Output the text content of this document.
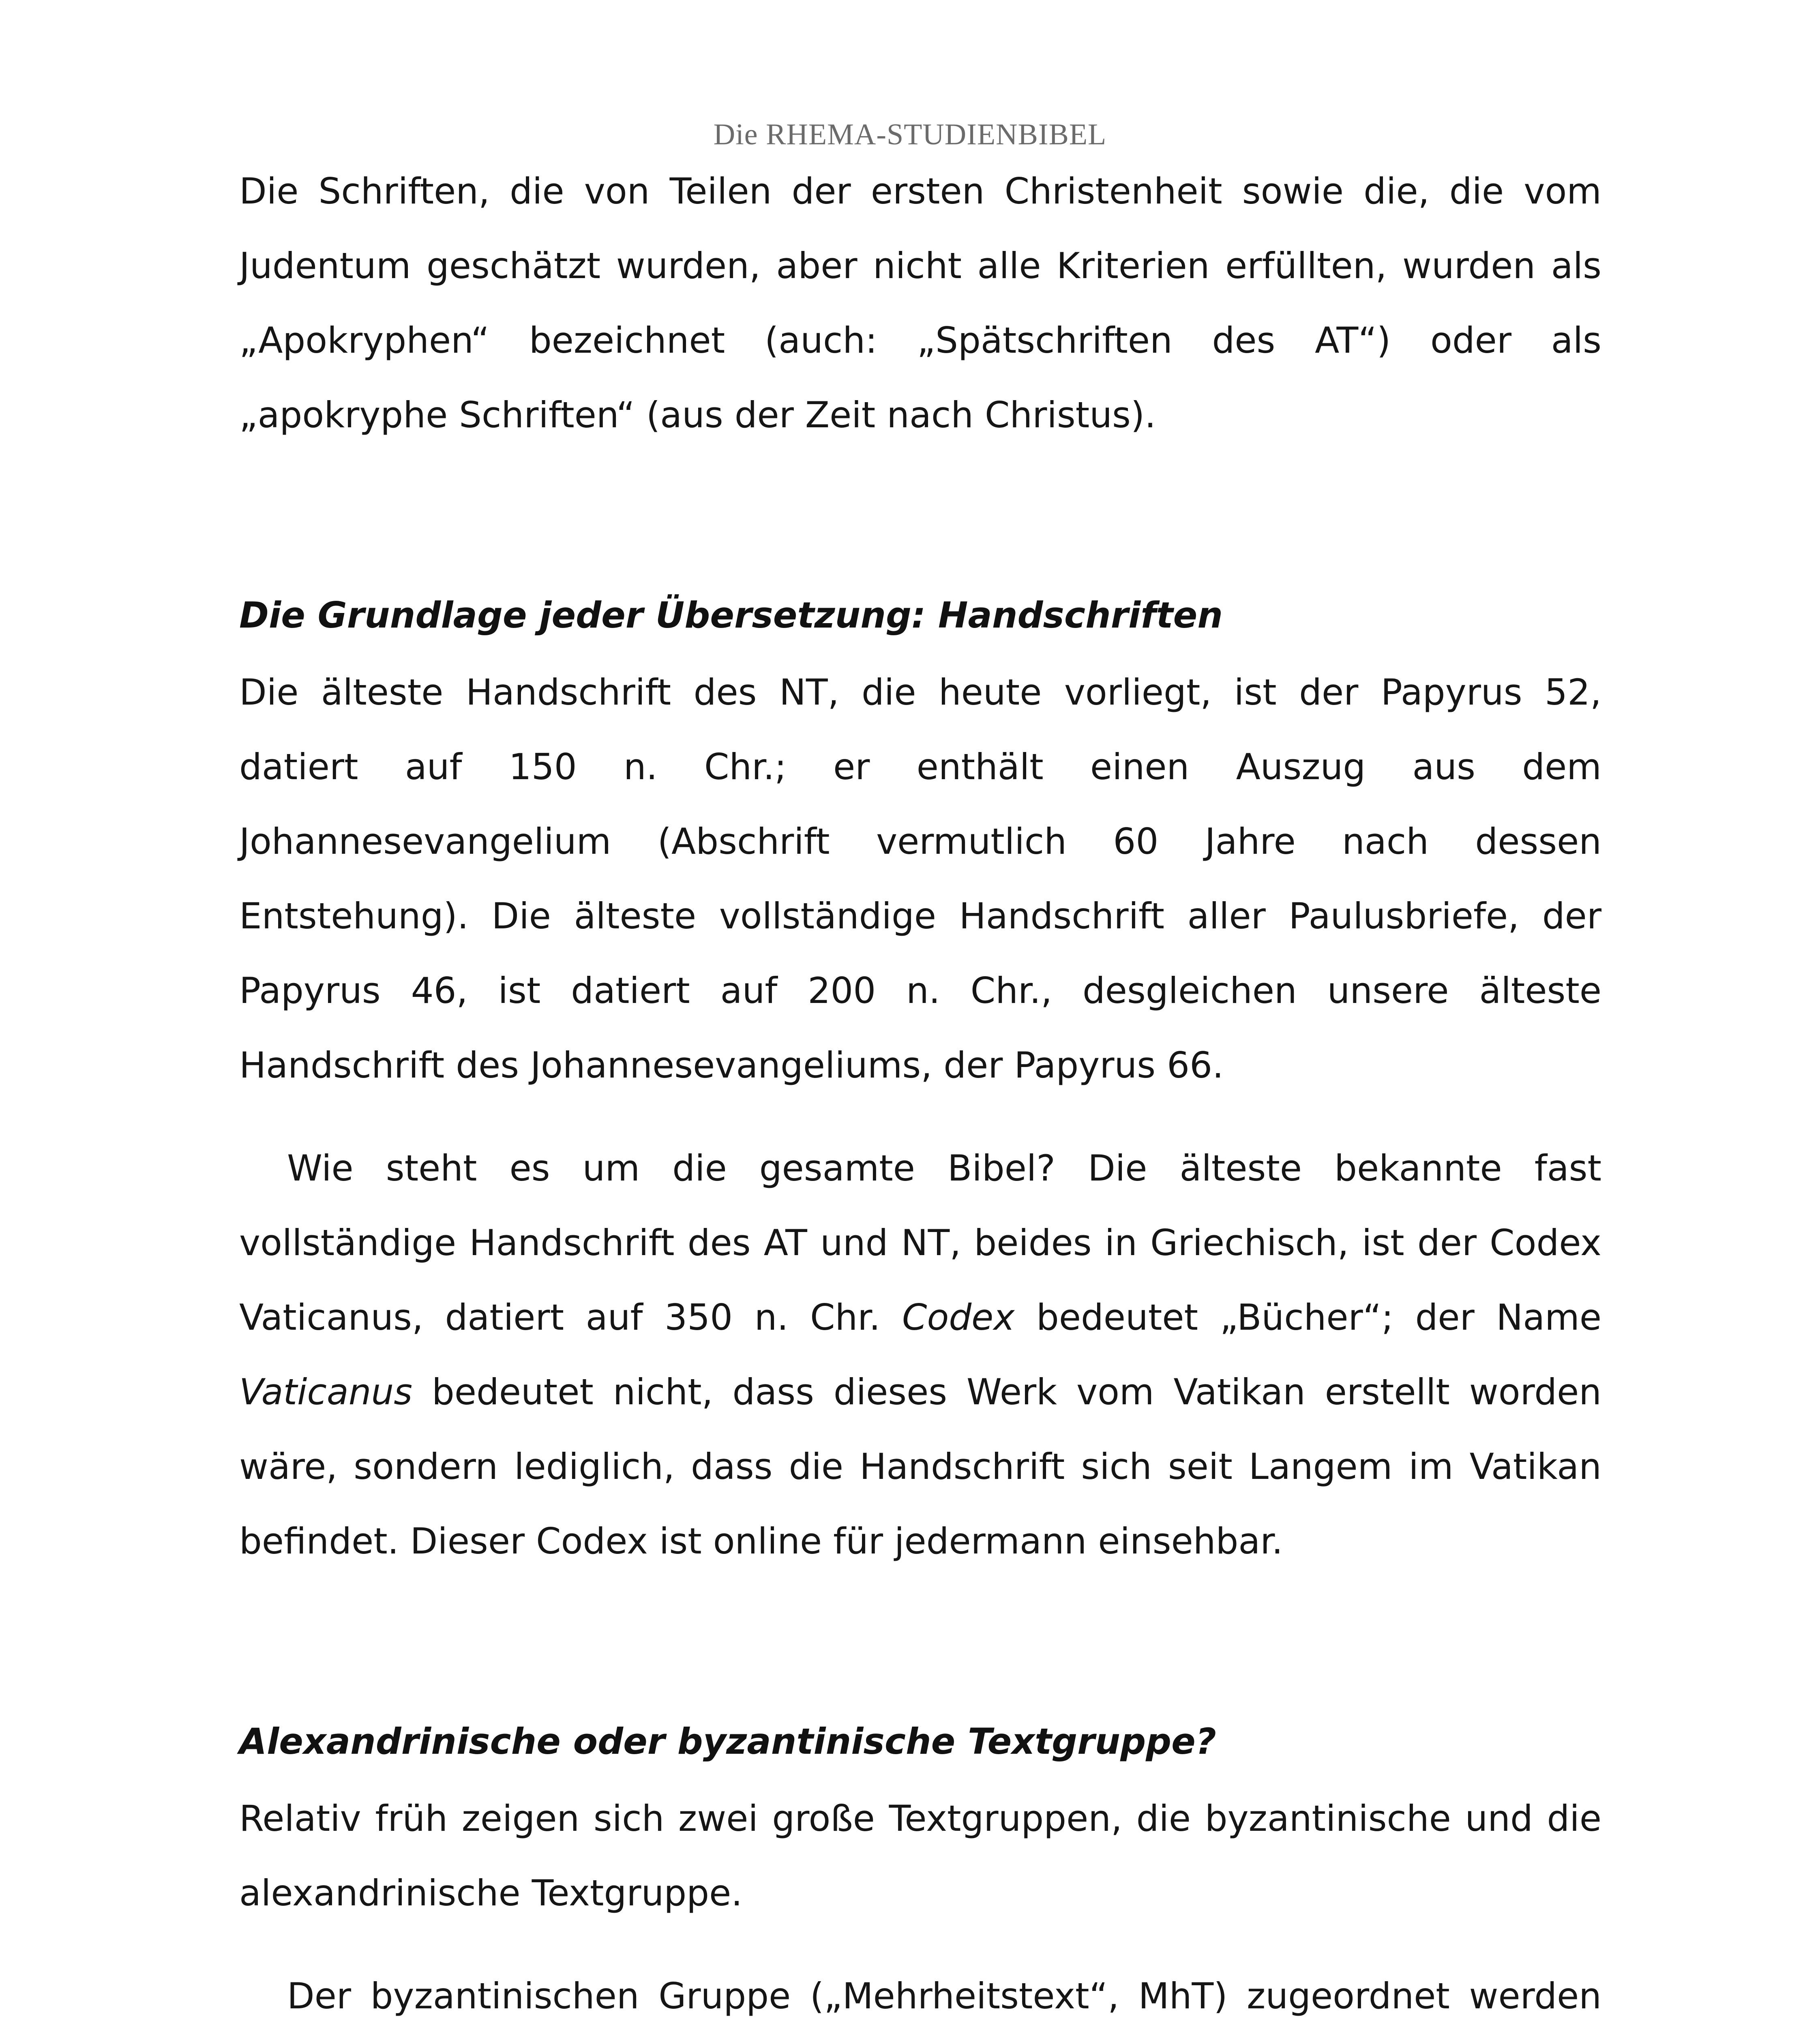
Die RHEMA-STUDIENBIBEL

Die Schriften, die von Teilen der ersten Christenheit sowie die, die vom Judentum geschätzt wurden, aber nicht alle Kriterien erfüllten, wurden als „Apokryphen“ bezeichnet (auch: „Spätschriften des AT“) oder als „apokryphe Schriften“ (aus der Zeit nach Christus).

Die Grundlage jeder Übersetzung: Handschriften

Die älteste Handschrift des NT, die heute vorliegt, ist der Papyrus 52, datiert auf 150 n. Chr.; er enthält einen Auszug aus dem Johannesevangelium (Abschrift vermutlich 60 Jahre nach dessen Entstehung). Die älteste vollständige Handschrift aller Paulusbriefe, der Papyrus 46, ist datiert auf 200 n. Chr., desgleichen unsere älteste Handschrift des Johannesevangeliums, der Papyrus 66.

Wie steht es um die gesamte Bibel? Die älteste bekannte fast vollständige Handschrift des AT und NT, beides in Griechisch, ist der Codex Vaticanus, datiert auf 350 n. Chr. Codex bedeutet „Bücher“; der Name Vaticanus bedeutet nicht, dass dieses Werk vom Vatikan erstellt worden wäre, sondern lediglich, dass die Handschrift sich seit Langem im Vatikan befindet. Dieser Codex ist online für jedermann einsehbar.

Alexandrinische oder byzantinische Textgruppe?

Relativ früh zeigen sich zwei große Textgruppen, die byzantinische und die alexandrinische Textgruppe.

Der byzantinischen Gruppe („Mehrheitstext“, MhT) zugeordnet werden
